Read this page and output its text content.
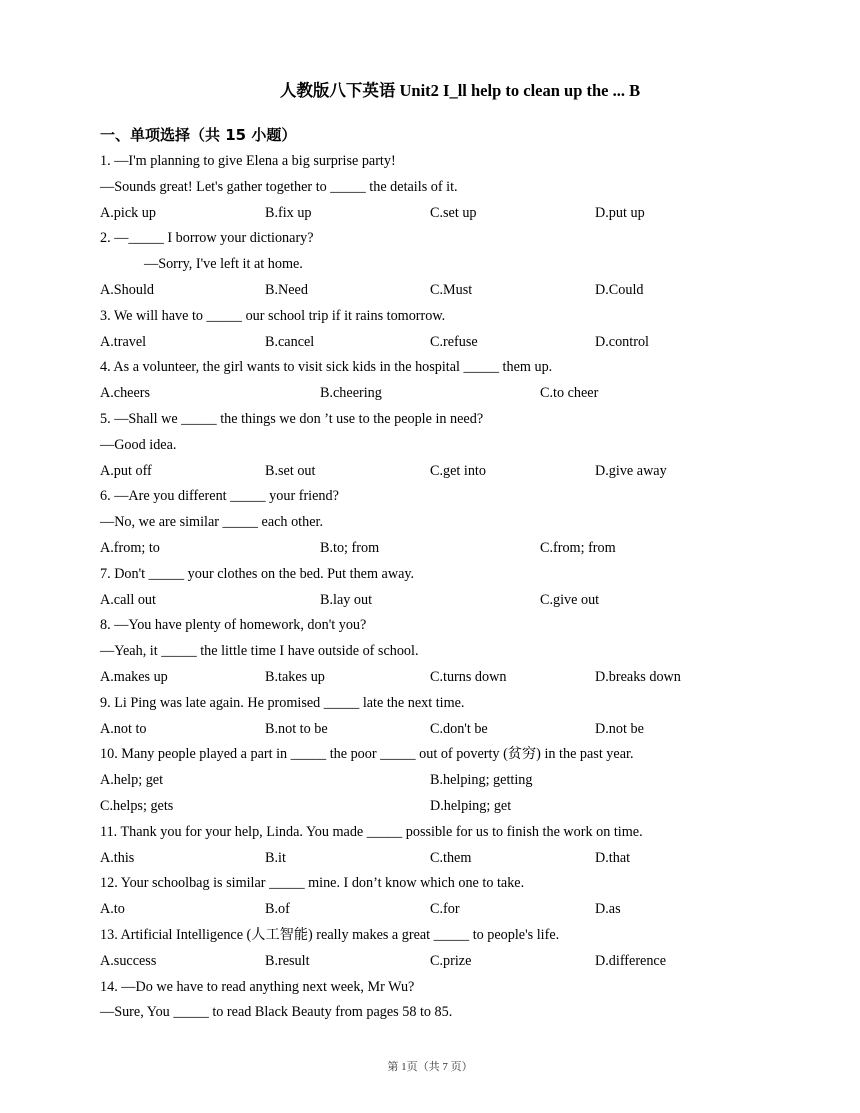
人教版八下英语 Unit2 I_ll help to clean up the ... B
一、单项选择（共 15 小题）
1. —I'm planning to give Elena a big surprise party!
—Sounds great! Let's gather together to _____ the details of it.
A.pick up	B.fix up	C.set up	D.put up
2. —_____ I borrow your dictionary?
—Sorry, I've left it at home.
A.Should	B.Need	C.Must	D.Could
3. We will have to _____ our school trip if it rains tomorrow.
A.travel	B.cancel	C.refuse	D.control
4. As a volunteer, the girl wants to visit sick kids in the hospital _____ them up.
A.cheers	B.cheering	C.to cheer
5. —Shall we _____ the things we don ’t use to the people in need?
—Good idea.
A.put off	B.set out	C.get into	D.give away
6. —Are you different _____ your friend?
—No, we are similar _____ each other.
A.from; to	B.to; from	C.from; from
7. Don't _____ your clothes on the bed. Put them away.
A.call out	B.lay out	C.give out
8. —You have plenty of homework, don't you?
—Yeah, it _____ the little time I have outside of school.
A.makes up	B.takes up	C.turns down	D.breaks down
9. Li Ping was late again. He promised _____ late the next time.
A.not to	B.not to be	C.don't be	D.not be
10. Many people played a part in _____ the poor _____ out of poverty (贫穷) in the past year.
A.help; get	B.helping; getting
C.helps; gets	D.helping; get
11. Thank you for your help, Linda. You made _____ possible for us to finish the work on time.
A.this	B.it	C.them	D.that
12. Your schoolbag is similar _____ mine. I don’t know which one to take.
A.to	B.of	C.for	D.as
13. Artificial Intelligence (人工智能) really makes a great _____ to people's life.
A.success	B.result	C.prize	D.difference
14. —Do we have to read anything next week, Mr Wu?
—Sure, You _____ to read Black Beauty from pages 58 to 85.
第 1页（共 7 页）
